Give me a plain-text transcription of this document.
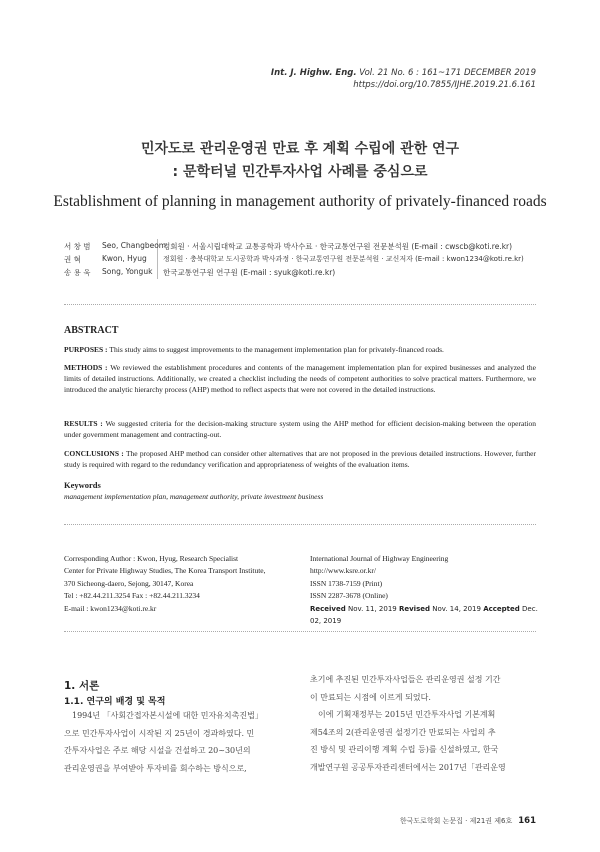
Int. J. Highw. Eng. Vol. 21 No. 6 : 161~171 DECEMBER 2019
https://doi.org/10.7855/IJHE.2019.21.6.161
민자도로 관리운영권 만료 후 계획 수립에 관한 연구
: 문학터널 민간투자사업 사례를 중심으로
Establishment of planning in management authority of privately-financed roads
서 창 범 Seo, Changbeom
정회원 · 서울시립대학교 교통공학과 박사수료 · 한국교통연구원 전문분석원 (E-mail : cwscb@koti.re.kr)
권 혁	Kwon, Hyug 정회원 · 충북대학교 도시공학과 박사과정 · 한국교통연구원 전문분석원 · 교신저자 (E-mail : kwon1234@koti.re.kr)
송 용 욱 Song, Yonguk 한국교통연구원 연구원 (E-mail : syuk@koti.re.kr)
ABSTRACT
PURPOSES : This study aims to suggest improvements to the management implementation plan for privately-financed roads.
METHODS : We reviewed the establishment procedures and contents of the management implementation plan for expired businesses and analyzed the limits of detailed instructions. Additionally, we created a checklist including the needs of competent authorities to solve practical matters. Furthermore, we introduced the analytic hierarchy process (AHP) method to reflect aspects that were not covered in the detailed instructions.
RESULTS : We suggested criteria for the decision-making structure system using the AHP method for efficient decision-making between the operation under government management and contracting-out.
CONCLUSIONS : The proposed AHP method can consider other alternatives that are not proposed in the previous detailed instructions. However, further study is required with regard to the redundancy verification and appropriateness of weights of the evaluation items.
Keywords
management implementation plan, management authority, private investment business
Corresponding Author : Kwon, Hyug, Research Specialist
Center for Private Highway Studies, The Korea Transport Institute,
370 Sicheong-daero, Sejong, 30147, Korea
Tel : +82.44.211.3254 Fax : +82.44.211.3234
E-mail : kwon1234@koti.re.kr
International Journal of Highway Engineering
http://www.ksre.or.kr/
ISSN 1738-7159 (Print)
ISSN 2287-3678 (Online)
Received Nov. 11, 2019 Revised Nov. 14, 2019 Accepted Dec. 02, 2019
1. 서론
1.1. 연구의 배경 및 목적
　1994년 「사회간접자본시설에 대한 민자유치촉진법」
으로 민간투자사업이 시작된 지 25년이 경과하였다. 민
간투자사업은 주로 해당 시설을 건설하고 20~30년의
관리운영권을 부여받아 투자비를 회수하는 방식으로,
초기에 추진된 민간투자사업들은 관리운영권 설정 기간
이 만료되는 시점에 이르게 되었다.
　이에 기획재정부는 2015년 민간투자사업 기본계획
제54조의 2(관리운영권 설정기간 만료되는 사업의 추
진 방식 및 관리이행 계획 수립 등)를 신설하였고, 한국
개발연구원 공공투자관리센터에서는 2017년「관리운영
한국도로학회 논문집 · 제21권 제6호 161
